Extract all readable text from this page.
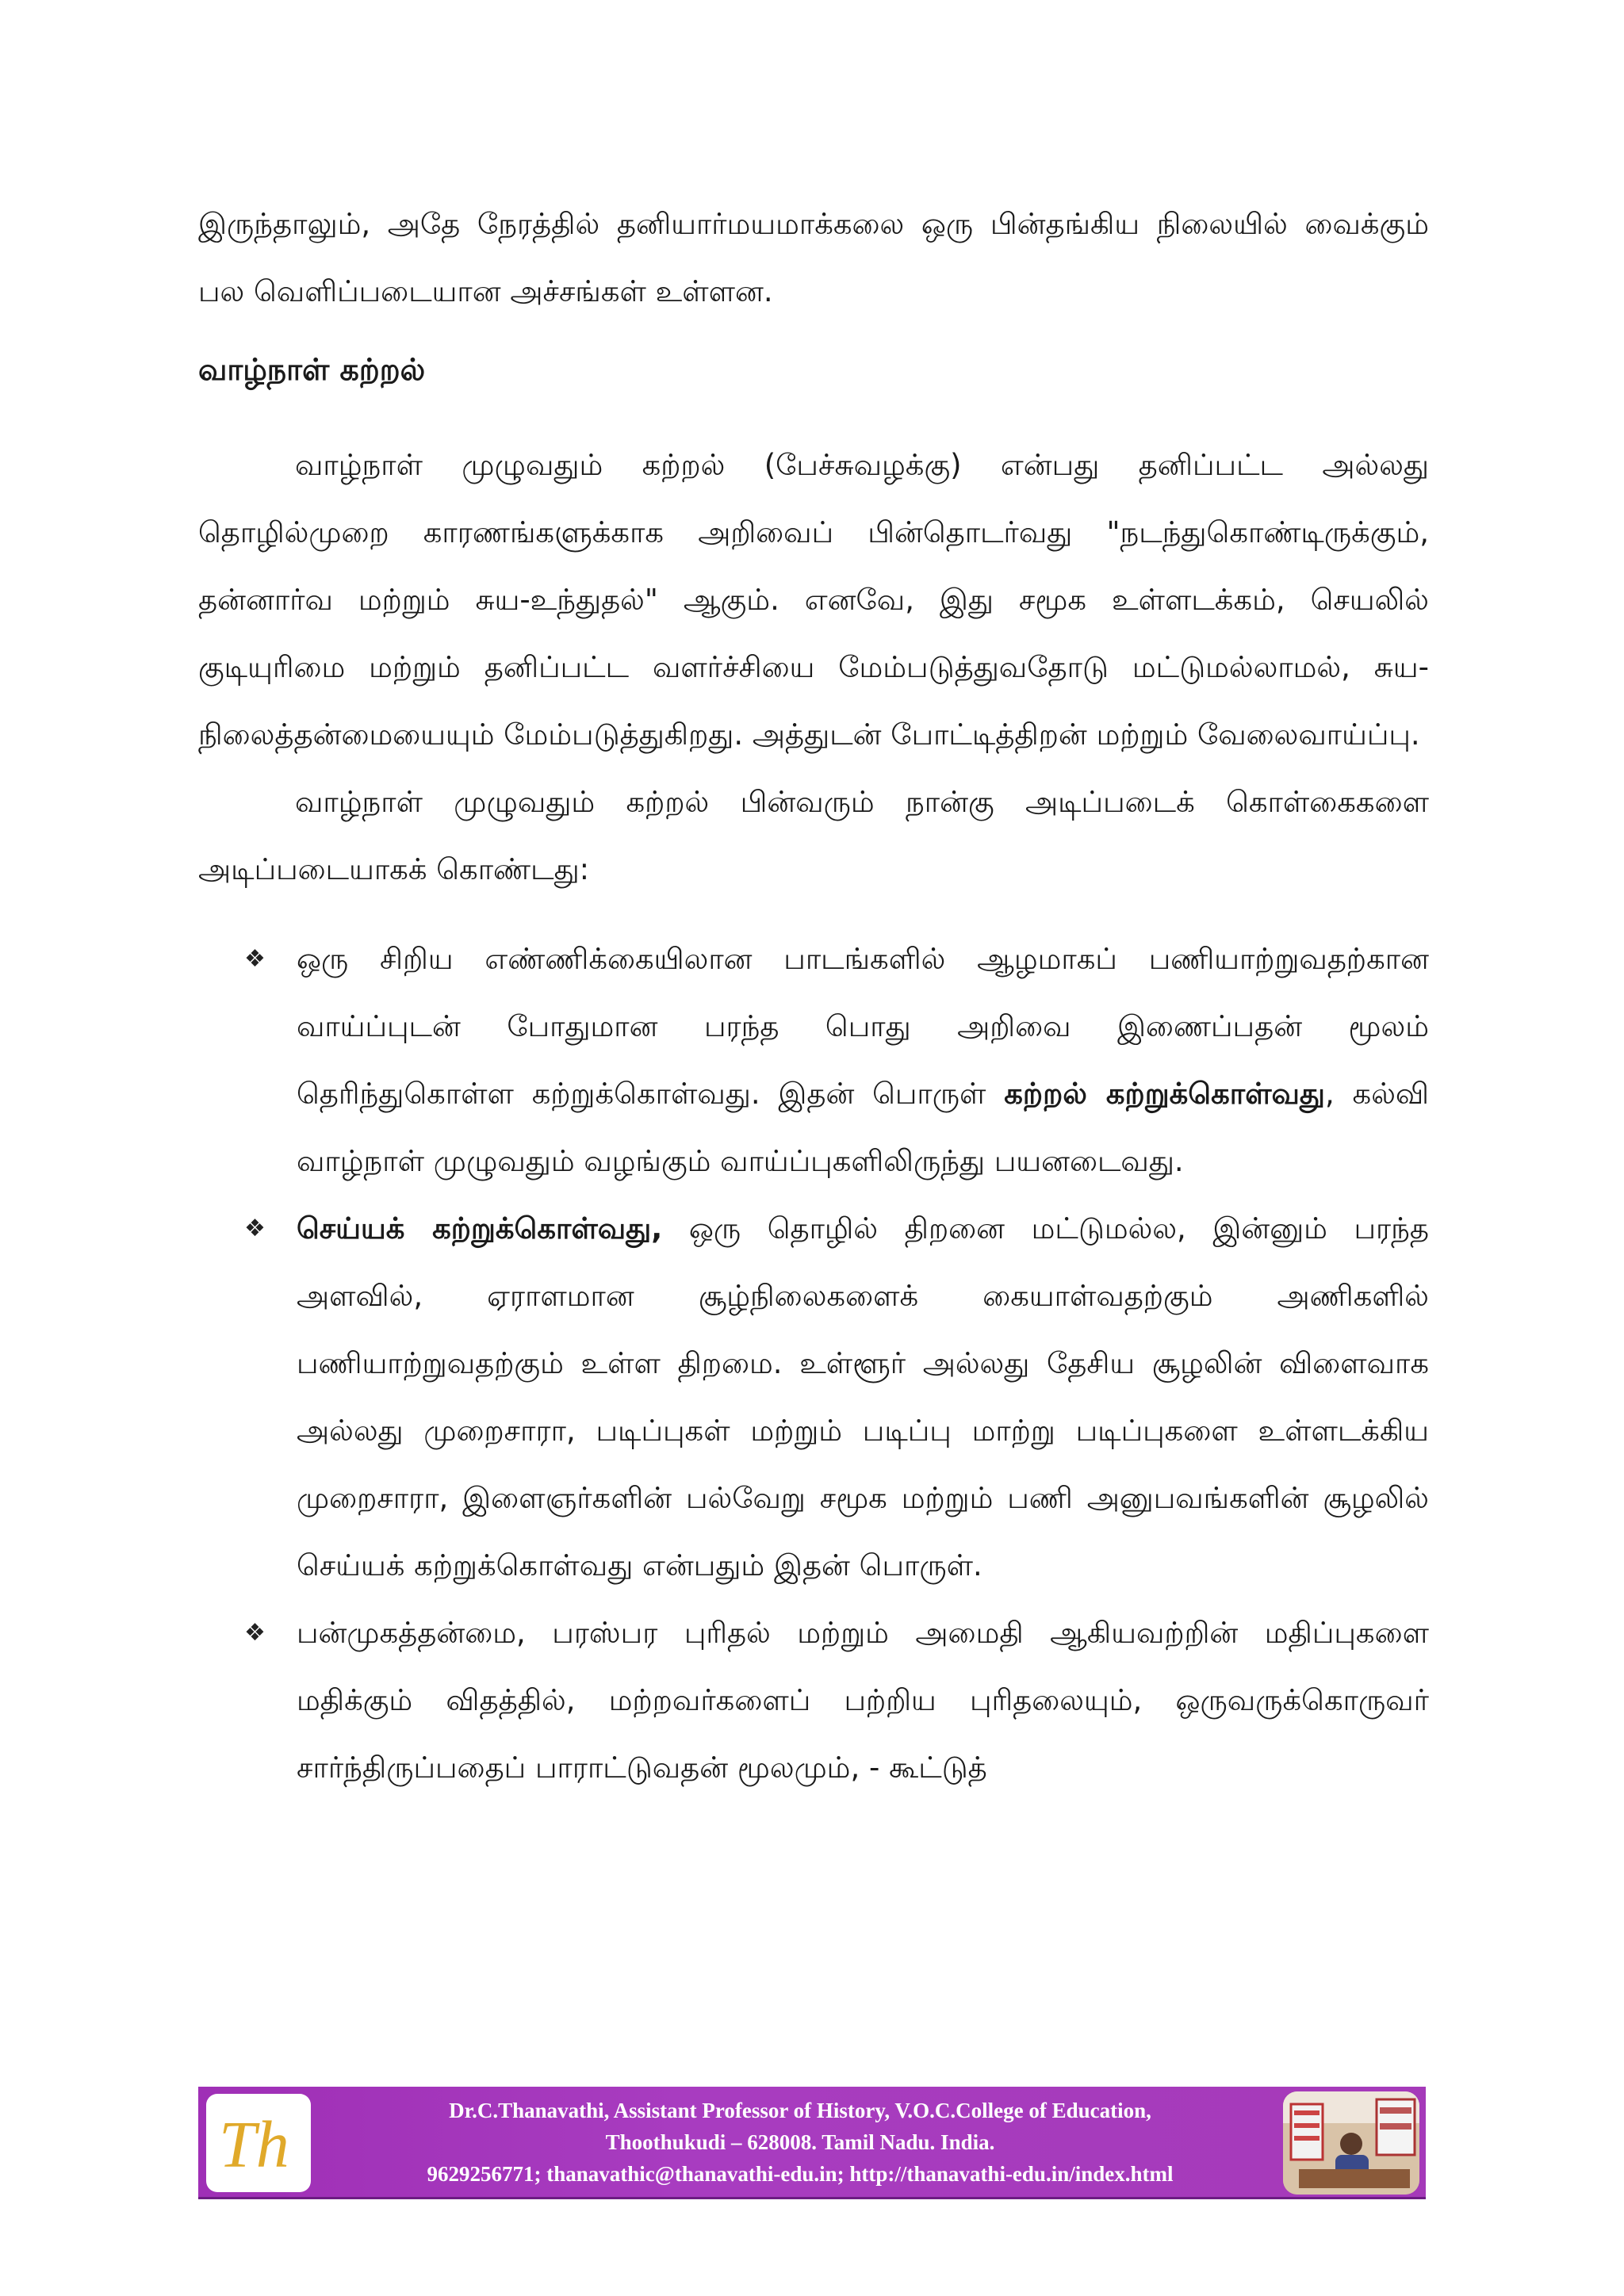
இருந்தாலும், அதே நேரத்தில் தனியார்மயமாக்கலை ஒரு பின்தங்கிய நிலையில் வைக்கும் பல வெளிப்படையான அச்சங்கள் உள்ளன.

வாழ்நாள் கற்றல்

வாழ்நாள் முழுவதும் கற்றல் (பேச்சுவழக்கு) என்பது தனிப்பட்ட அல்லது தொழில்முறை காரணங்களுக்காக அறிவைப் பின்தொடர்வது "நடந்துகொண்டிருக்கும், தன்னார்வ மற்றும் சுய-உந்துதல்" ஆகும். எனவே, இது சமூக உள்ளடக்கம், செயலில் குடியுரிமை மற்றும் தனிப்பட்ட வளர்ச்சியை மேம்படுத்துவதோடு மட்டுமல்லாமல், சுய-நிலைத்தன்மையையும் மேம்படுத்துகிறது. அத்துடன் போட்டித்திறன் மற்றும் வேலைவாய்ப்பு.

வாழ்நாள் முழுவதும் கற்றல் பின்வரும் நான்கு அடிப்படைக் கொள்கைகளை அடிப்படையாகக் கொண்டது:

❖ ஒரு சிறிய எண்ணிக்கையிலான பாடங்களில் ஆழமாகப் பணியாற்றுவதற்கான வாய்ப்புடன் போதுமான பரந்த பொது அறிவை இணைப்பதன் மூலம் தெரிந்துகொள்ள கற்றுக்கொள்வது. இதன் பொருள் கற்றல் கற்றுக்கொள்வது, கல்வி வாழ்நாள் முழுவதும் வழங்கும் வாய்ப்புகளிலிருந்து பயனடைவது.

❖ செய்யக் கற்றுக்கொள்வது, ஒரு தொழில் திறனை மட்டுமல்ல, இன்னும் பரந்த அளவில், ஏராளமான சூழ்நிலைகளைக் கையாள்வதற்கும் அணிகளில் பணியாற்றுவதற்கும் உள்ள திறமை. உள்ளூர் அல்லது தேசிய சூழலின் விளைவாக அல்லது முறைசாரா, படிப்புகள் மற்றும் படிப்பு மாற்று படிப்புகளை உள்ளடக்கிய முறைசாரா, இளைஞர்களின் பல்வேறு சமூக மற்றும் பணி அனுபவங்களின் சூழலில் செய்யக் கற்றுக்கொள்வது என்பதும் இதன் பொருள்.

❖ பன்முகத்தன்மை, பரஸ்பர புரிதல் மற்றும் அமைதி ஆகியவற்றின் மதிப்புகளை மதிக்கும் விதத்தில், மற்றவர்களைப் பற்றிய புரிதலையும், ஒருவருக்கொருவர் சார்ந்திருப்பதைப் பாராட்டுவதன் மூலமும், - கூட்டுத்

Th	Dr.C.Thanavathi, Assistant Professor of History, V.O.C.College of Education,
Thoothukudi – 628008. Tamil Nadu. India.
9629256771; thanavathic@thanavathi-edu.in; http://thanavathi-edu.in/index.html
